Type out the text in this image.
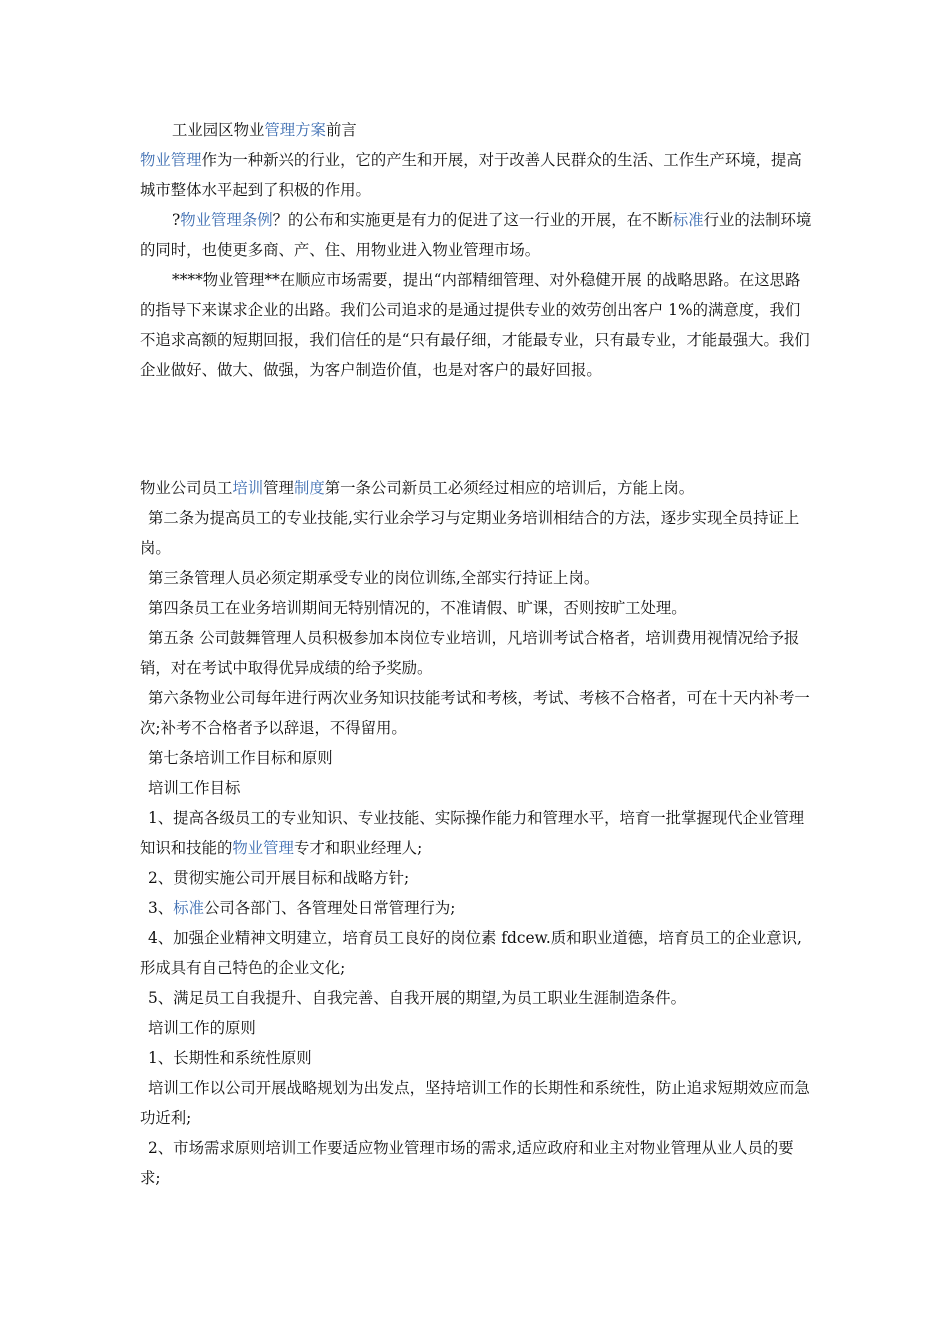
工业园区物业管理方案前言

物业管理作为一种新兴的行业，它的产生和开展，对于改善人民群众的生活、工作生产环境，提高城市整体水平起到了积极的作用。

?物业管理条例？的公布和实施更是有力的促进了这一行业的开展，在不断标准行业的法制环境的同时，也使更多商、产、住、用物业进入物业管理市场。

****物业管理**在顺应市场需要，提出“内部精细管理、对外稳健开展 的战略思路。在这思路的指导下来谋求企业的出路。我们公司追求的是通过提供专业的效劳创出客户 1%的满意度，我们不追求高额的短期回报，我们信任的是“只有最仔细，才能最专业，只有最专业，才能最强大。我们企业做好、做大、做强，为客户制造价值，也是对客户的最好回报。

物业公司员工培训管理制度第一条公司新员工必须经过相应的培训后，方能上岗。

第二条为提高员工的专业技能,实行业余学习与定期业务培训相结合的方法，逐步实现全员持证上岗。

第三条管理人员必须定期承受专业的岗位训练,全部实行持证上岗。

第四条员工在业务培训期间无特别情况的，不准请假、旷课，否则按旷工处理。

第五条 公司鼓舞管理人员积极参加本岗位专业培训，凡培训考试合格者，培训费用视情况给予报销，对在考试中取得优异成绩的给予奖励。

第六条物业公司每年进行两次业务知识技能考试和考核，考试、考核不合格者，可在十天内补考一次;补考不合格者予以辞退，不得留用。

第七条培训工作目标和原则

培训工作目标

1、提高各级员工的专业知识、专业技能、实际操作能力和管理水平，培育一批掌握现代企业管理知识和技能的物业管理专才和职业经理人;

2、贯彻实施公司开展目标和战略方针;

3、标准公司各部门、各管理处日常管理行为;

4、加强企业精神文明建立，培育员工良好的岗位素 fdcew.质和职业道德，培育员工的企业意识,形成具有自己特色的企业文化;

5、满足员工自我提升、自我完善、自我开展的期望,为员工职业生涯制造条件。

培训工作的原则

1、长期性和系统性原则

培训工作以公司开展战略规划为出发点，坚持培训工作的长期性和系统性，防止追求短期效应而急功近利;

2、市场需求原则培训工作要适应物业管理市场的需求,适应政府和业主对物业管理从业人员的要求;
